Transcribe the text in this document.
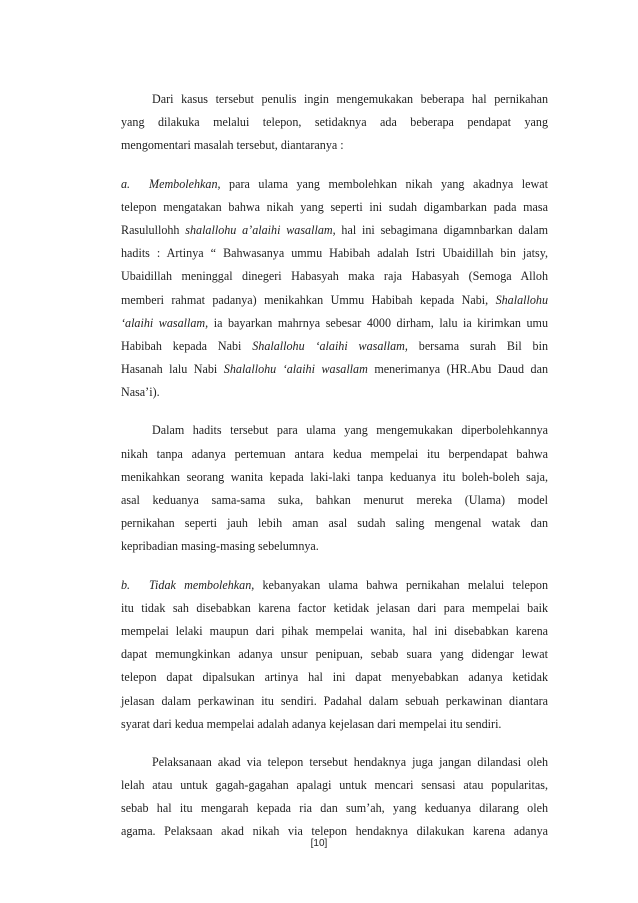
Dari kasus tersebut penulis ingin mengemukakan beberapa hal pernikahan
yang dilakuka melalui telepon, setidaknya ada beberapa pendapat yang
mengomentari masalah tersebut, diantaranya :
a. Membolehkan, para ulama yang membolehkan nikah yang akadnya lewat
telepon mengatakan bahwa nikah yang seperti ini sudah digambarkan pada masa
Rasulullohh shalallohu a’alaihi wasallam, hal ini sebagimana digamnbarkan dalam
hadits : Artinya “ Bahwasanya ummu Habibah adalah Istri Ubaidillah bin jatsy,
Ubaidillah meninggal dinegeri Habasyah maka raja Habasyah (Semoga Alloh
memberi rahmat padanya) menikahkan Ummu Habibah kepada Nabi, Shalallohu
‘alaihi wasallam, ia bayarkan mahrnya sebesar 4000 dirham, lalu ia kirimkan umu
Habibah kepada Nabi Shalallohu ‘alaihi wasallam, bersama surah Bil bin
Hasanah lalu Nabi Shalallohu ‘alaihi wasallam menerimanya (HR.Abu Daud dan
Nasa’i).
Dalam hadits tersebut para ulama yang mengemukakan diperbolehkannya
nikah tanpa adanya pertemuan antara kedua mempelai itu berpendapat bahwa
menikahkan seorang wanita kepada laki-laki tanpa keduanya itu boleh-boleh saja,
asal keduanya sama-sama suka, bahkan menurut mereka (Ulama) model
pernikahan seperti jauh lebih aman asal sudah saling mengenal watak dan
kepribadian masing-masing sebelumnya.
b. Tidak membolehkan, kebanyakan ulama bahwa pernikahan melalui telepon
itu tidak sah disebabkan karena factor ketidak jelasan dari para mempelai baik
mempelai lelaki maupun dari pihak mempelai wanita, hal ini disebabkan karena
dapat memungkinkan adanya unsur penipuan, sebab suara yang didengar lewat
telepon dapat dipalsukan artinya hal ini dapat menyebabkan adanya ketidak
jelasan dalam perkawinan itu sendiri. Padahal dalam sebuah perkawinan diantara
syarat dari kedua mempelai adalah adanya kejelasan dari mempelai itu sendiri.
Pelaksanaan akad via telepon tersebut hendaknya juga jangan dilandasi oleh
lelah atau untuk gagah-gagahan apalagi untuk mencari sensasi atau popularitas,
sebab hal itu mengarah kepada ria dan sum’ah, yang keduanya dilarang oleh
agama. Pelaksaan akad nikah via telepon hendaknya dilakukan karena adanya
[10]
